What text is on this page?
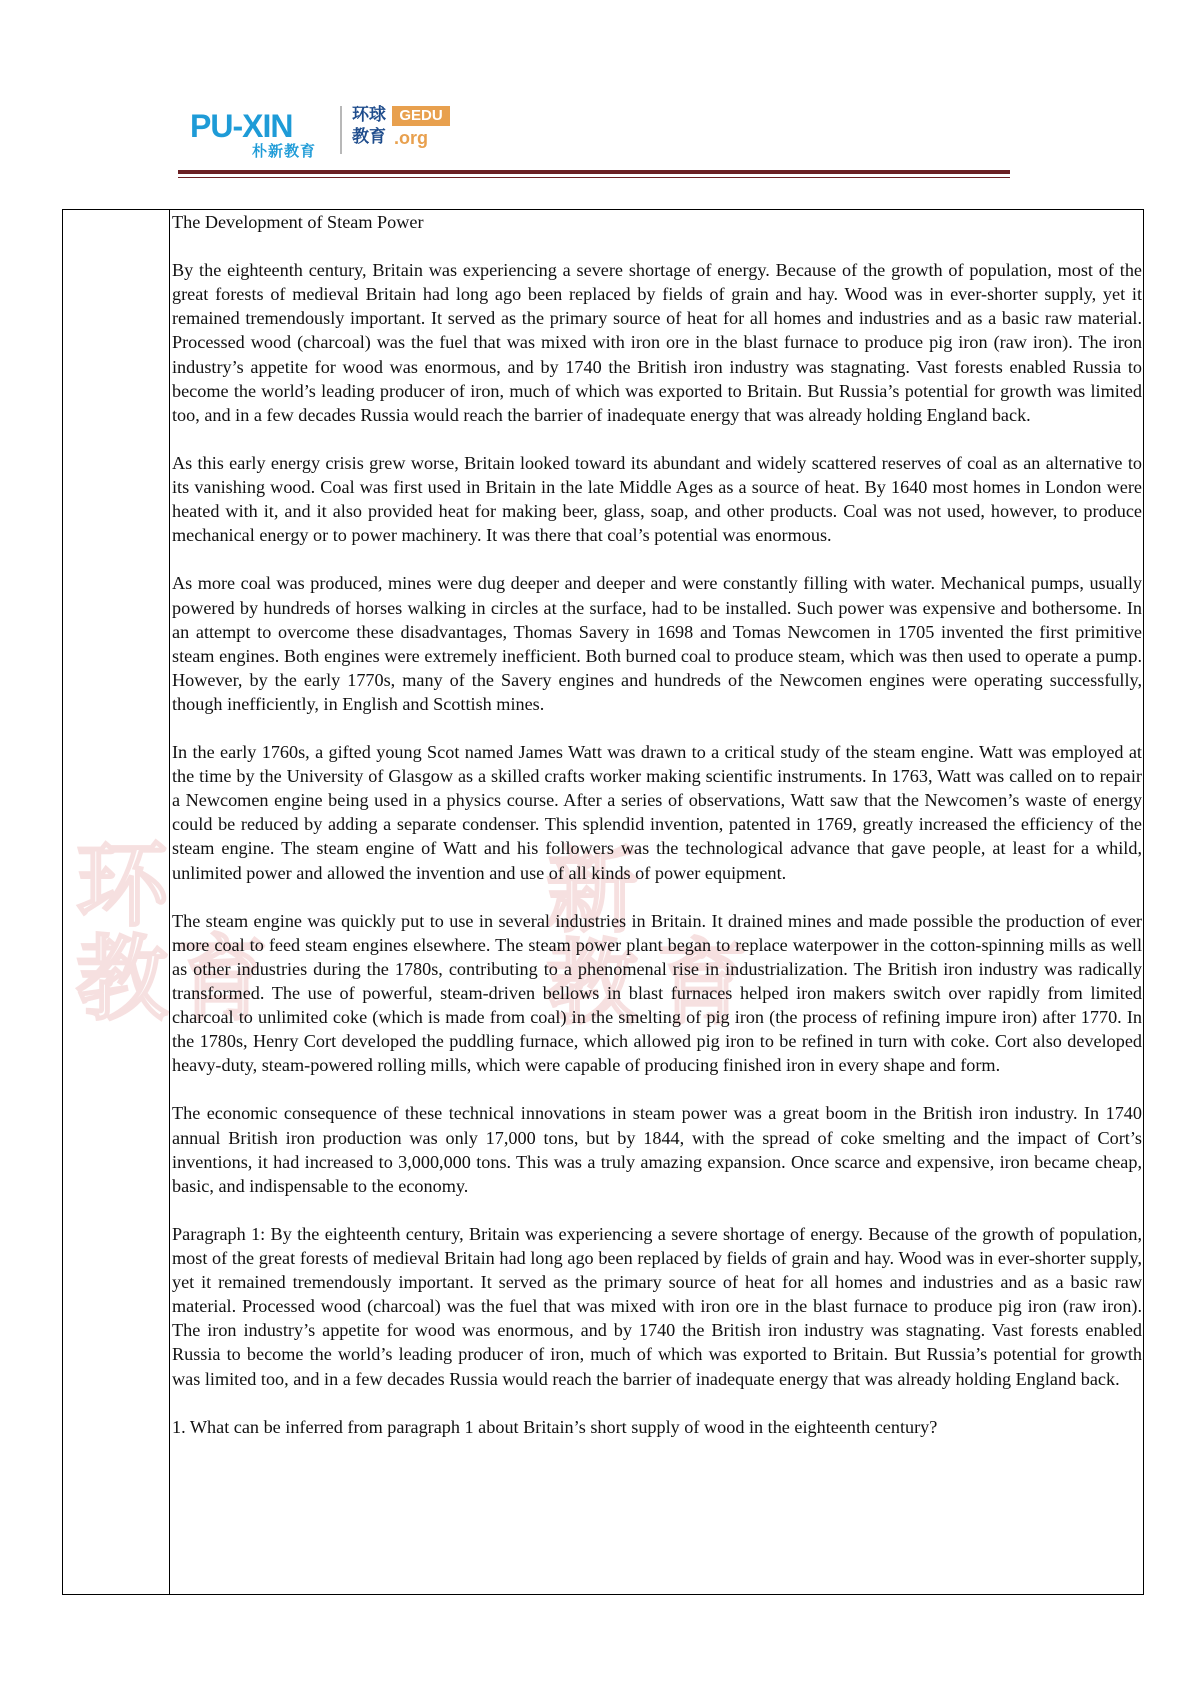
PU-XIN
朴新教育
环球教育
GEDU
.org
环
教 育
新
教 育

The Development of Steam Power

By the eighteenth century, Britain was experiencing a severe shortage of energy. Because of the growth of population, most of the great forests of medieval Britain had long ago been replaced by fields of grain and hay. Wood was in ever-shorter supply, yet it remained tremendously important. It served as the primary source of heat for all homes and industries and as a basic raw material. Processed wood (charcoal) was the fuel that was mixed with iron ore in the blast furnace to produce pig iron (raw iron). The iron industry’s appetite for wood was enormous, and by 1740 the British iron industry was stagnating. Vast forests enabled Russia to become the world’s leading producer of iron, much of which was exported to Britain. But Russia’s potential for growth was limited too, and in a few decades Russia would reach the barrier of inadequate energy that was already holding England back.

As this early energy crisis grew worse, Britain looked toward its abundant and widely scattered reserves of coal as an alternative to its vanishing wood. Coal was first used in Britain in the late Middle Ages as a source of heat. By 1640 most homes in London were heated with it, and it also provided heat for making beer, glass, soap, and other products. Coal was not used, however, to produce mechanical energy or to power machinery. It was there that coal’s potential was enormous.

As more coal was produced, mines were dug deeper and deeper and were constantly filling with water. Mechanical pumps, usually powered by hundreds of horses walking in circles at the surface, had to be installed. Such power was expensive and bothersome. In an attempt to overcome these disadvantages, Thomas Savery in 1698 and Tomas Newcomen in 1705 invented the first primitive steam engines. Both engines were extremely inefficient. Both burned coal to produce steam, which was then used to operate a pump. However, by the early 1770s, many of the Savery engines and hundreds of the Newcomen engines were operating successfully, though inefficiently, in English and Scottish mines.

In the early 1760s, a gifted young Scot named James Watt was drawn to a critical study of the steam engine. Watt was employed at the time by the University of Glasgow as a skilled crafts worker making scientific instruments. In 1763, Watt was called on to repair a Newcomen engine being used in a physics course. After a series of observations, Watt saw that the Newcomen’s waste of energy could be reduced by adding a separate condenser. This splendid invention, patented in 1769, greatly increased the efficiency of the steam engine. The steam engine of Watt and his followers was the technological advance that gave people, at least for a whild, unlimited power and allowed the invention and use of all kinds of power equipment.

The steam engine was quickly put to use in several industries in Britain. It drained mines and made possible the production of ever more coal to feed steam engines elsewhere. The steam power plant began to replace waterpower in the cotton-spinning mills as well as other industries during the 1780s, contributing to a phenomenal rise in industrialization. The British iron industry was radically transformed. The use of powerful, steam-driven bellows in blast furnaces helped iron makers switch over rapidly from limited charcoal to unlimited coke (which is made from coal) in the smelting of pig iron (the process of refining impure iron) after 1770. In the 1780s, Henry Cort developed the puddling furnace, which allowed pig iron to be refined in turn with coke. Cort also developed heavy-duty, steam-powered rolling mills, which were capable of producing finished iron in every shape and form.

The economic consequence of these technical innovations in steam power was a great boom in the British iron industry. In 1740 annual British iron production was only 17,000 tons, but by 1844, with the spread of coke smelting and the impact of Cort’s inventions, it had increased to 3,000,000 tons. This was a truly amazing expansion. Once scarce and expensive, iron became cheap, basic, and indispensable to the economy.

Paragraph 1: By the eighteenth century, Britain was experiencing a severe shortage of energy. Because of the growth of population, most of the great forests of medieval Britain had long ago been replaced by fields of grain and hay. Wood was in ever-shorter supply, yet it remained tremendously important. It served as the primary source of heat for all homes and industries and as a basic raw material. Processed wood (charcoal) was the fuel that was mixed with iron ore in the blast furnace to produce pig iron (raw iron). The iron industry’s appetite for wood was enormous, and by 1740 the British iron industry was stagnating. Vast forests enabled Russia to become the world’s leading producer of iron, much of which was exported to Britain. But Russia’s potential for growth was limited too, and in a few decades Russia would reach the barrier of inadequate energy that was already holding England back.

1. What can be inferred from paragraph 1 about Britain’s short supply of wood in the eighteenth century?
